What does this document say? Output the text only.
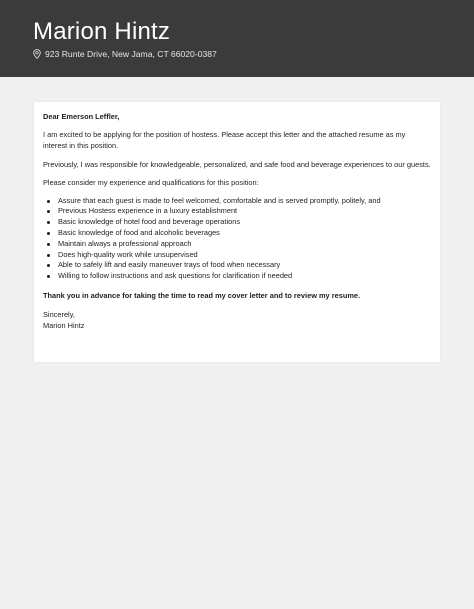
Marion Hintz
923 Runte Drive, New Jama, CT 66020-0387

Dear Emerson Leffler,

I am excited to be applying for the position of hostess. Please accept this letter and the attached resume as my interest in this position.

Previously, I was responsible for knowledgeable, personalized, and safe food and beverage experiences to our guests.

Please consider my experience and qualifications for this position:

Assure that each guest is made to feel welcomed, comfortable and is served promptly, politely, and
Previous Hostess experience in a luxury establishment
Basic knowledge of hotel food and beverage operations
Basic knowledge of food and alcoholic beverages
Maintain always a professional approach
Does high-quality work while unsupervised
Able to safely lift and easily maneuver trays of food when necessary
Willing to follow instructions and ask questions for clarification if needed

Thank you in advance for taking the time to read my cover letter and to review my resume.

Sincerely,

Marion Hintz
